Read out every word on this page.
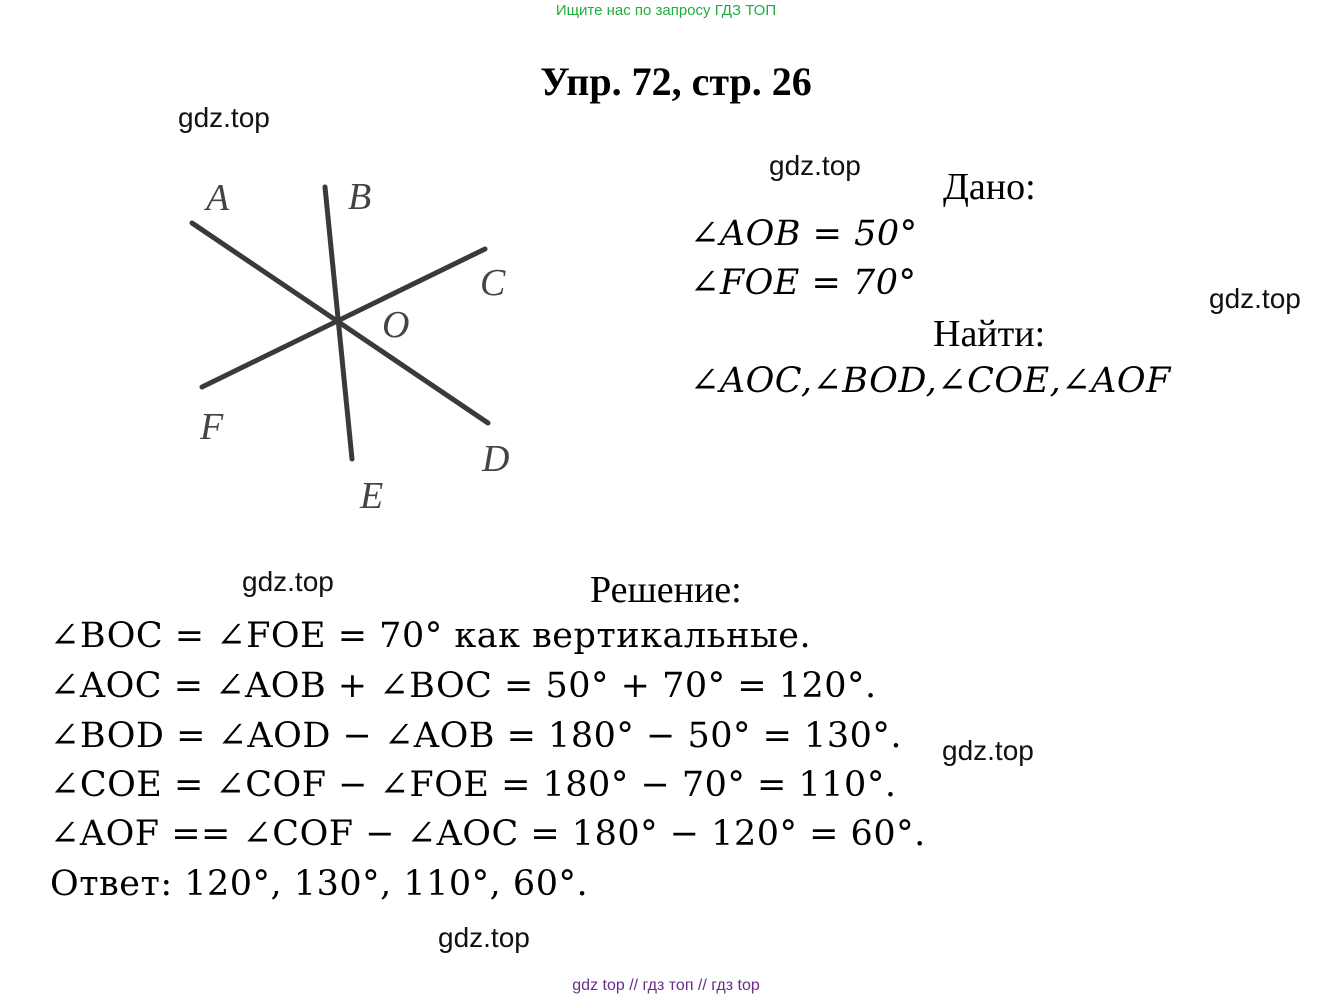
Ищите нас по запросу ГДЗ ТОП
Упр. 72, стр. 26
gdz.top
gdz.top
gdz.top
gdz.top
gdz.top
gdz.top
A	B
C
O
F
D
E
Дано:
∠AOB = 50°
∠FOE = 70°
Найти:
∠AOC,∠BOD,∠COE,∠AOF
Решение:
∠BOC = ∠FOE = 70° как вертикальные.
∠AOC = ∠AOB + ∠BOC = 50° + 70° = 120°.
∠BOD = ∠AOD − ∠AOB = 180° − 50° = 130°.
∠COE = ∠COF − ∠FOE = 180° − 70° = 110°.
∠AOF == ∠COF − ∠AOC = 180° − 120° = 60°.
Ответ: 120°, 130°, 110°, 60°.
gdz top // гдз топ // гдз top
